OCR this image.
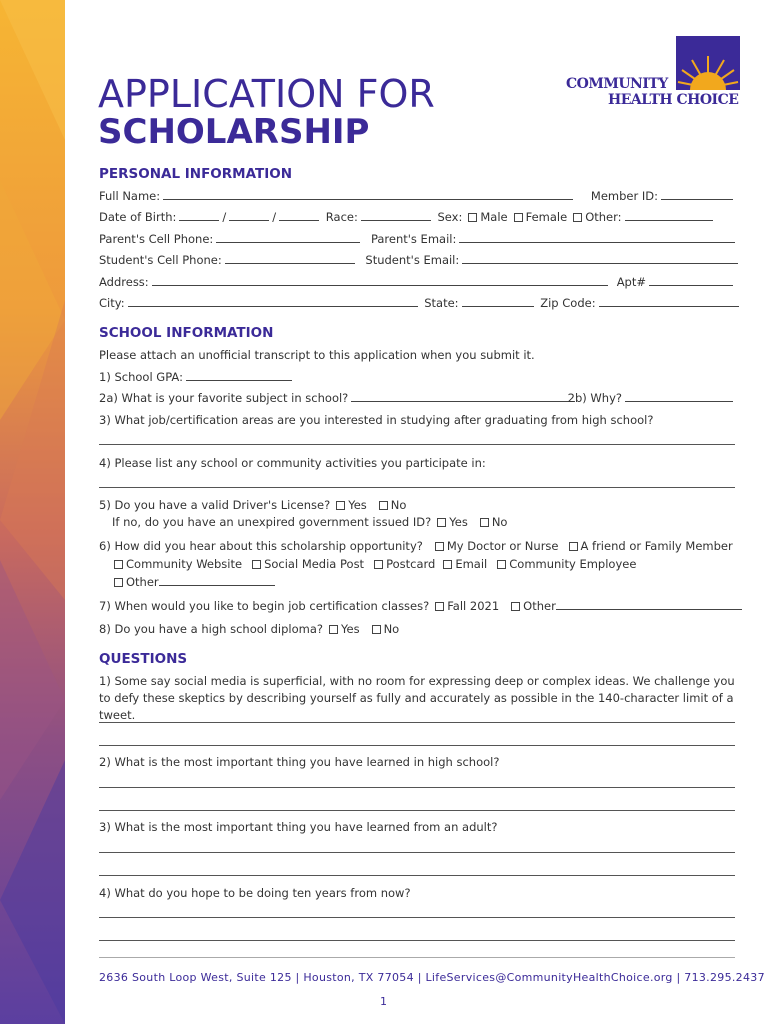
APPLICATION FOR
SCHOLARSHIP
COMMUNITY
HEALTH CHOICE
PERSONAL INFORMATION
Full Name:	Member ID:
Date of Birth:	/	/	Race:	Sex: Male Female Other:
Parent's Cell Phone:	Parent's Email:
Student's Cell Phone:	Student's Email:
Address:	Apt#
City:	State:	Zip Code:
SCHOOL INFORMATION
Please attach an unofficial transcript to this application when you submit it.
1) School GPA:
2a) What is your favorite subject in school?	2b) Why?
3) What job/certification areas are you interested in studying after graduating from high school?
4) Please list any school or community activities you participate in:
5) Do you have a valid Driver's License? Yes No
If no, do you have an unexpired government issued ID? Yes No
6) How did you hear about this scholarship opportunity? My Doctor or Nurse A friend or Family Member
Community Website Social Media Post Postcard Email Community Employee
Other
7) When would you like to begin job certification classes? Fall 2021 Other
8) Do you have a high school diploma? Yes No
QUESTIONS
1) Some say social media is superficial, with no room for expressing deep or complex ideas. We challenge you to defy these skeptics by describing yourself as fully and accurately as possible in the 140-character limit of a tweet.
2) What is the most important thing you have learned in high school?
3) What is the most important thing you have learned from an adult?
4) What do you hope to be doing ten years from now?
2636 South Loop West, Suite 125 | Houston, TX 77054 | LifeServices@CommunityHealthChoice.org | 713.295.2437
1
